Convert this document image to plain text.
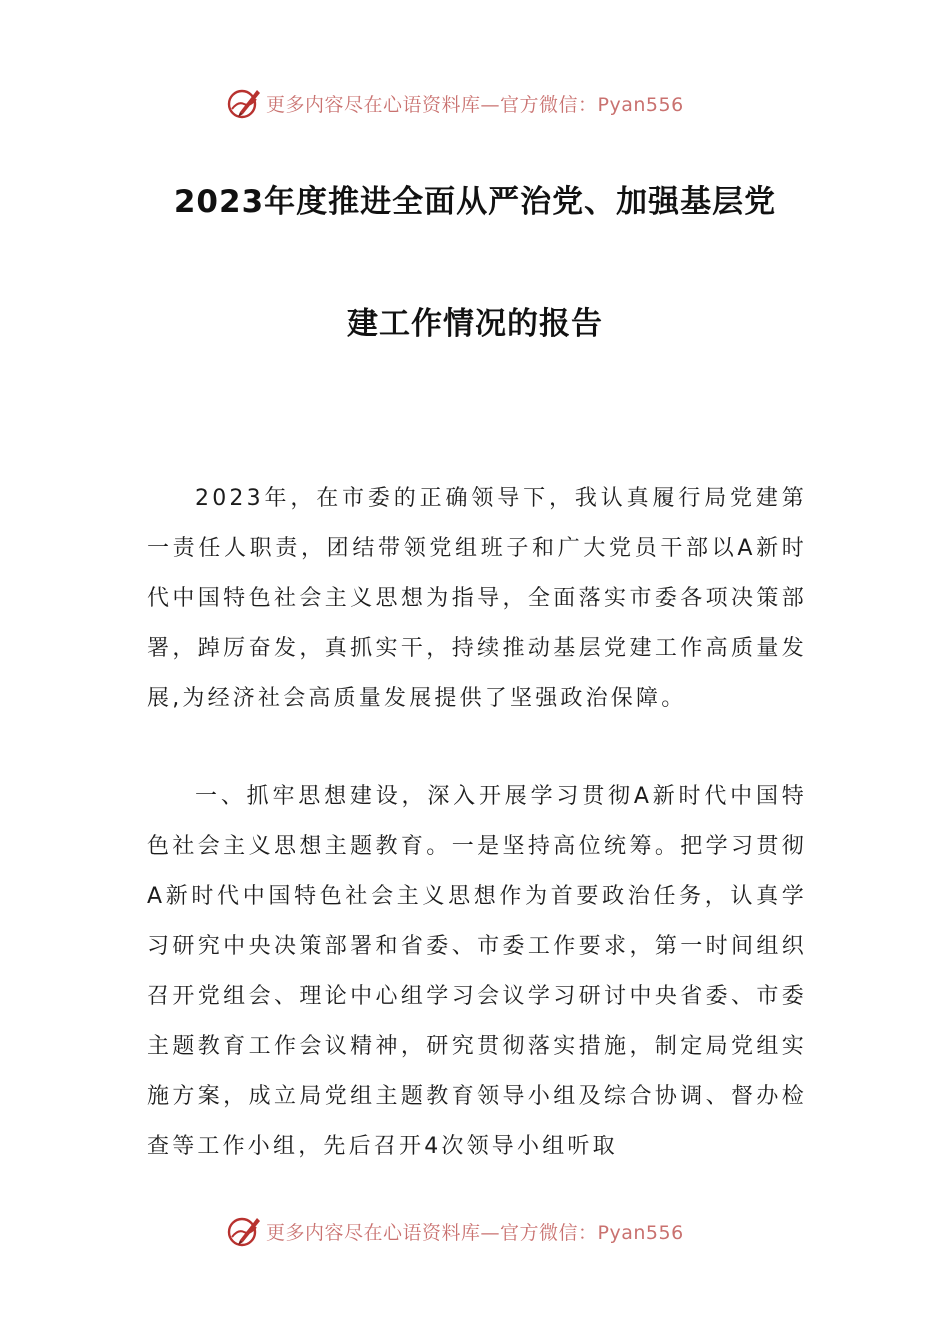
更多内容尽在心语资料库—官方微信：Pyan556
2023年度推进全面从严治党、加强基层党
建工作情况的报告

2023年，在市委的正确领导下，我认真履行局党建第一责任人职责，团结带领党组班子和广大党员干部以A新时代中国特色社会主义思想为指导，全面落实市委各项决策部署，踔厉奋发，真抓实干，持续推动基层党建工作高质量发展,为经济社会高质量发展提供了坚强政治保障。

一、抓牢思想建设，深入开展学习贯彻A新时代中国特色社会主义思想主题教育。一是坚持高位统筹。把学习贯彻A新时代中国特色社会主义思想作为首要政治任务，认真学习研究中央决策部署和省委、市委工作要求，第一时间组织召开党组会、理论中心组学习会议学习研讨中央省委、市委主题教育工作会议精神，研究贯彻落实措施，制定局党组实施方案，成立局党组主题教育领导小组及综合协调、督办检查等工作小组，先后召开4次领导小组听取

更多内容尽在心语资料库—官方微信：Pyan556
